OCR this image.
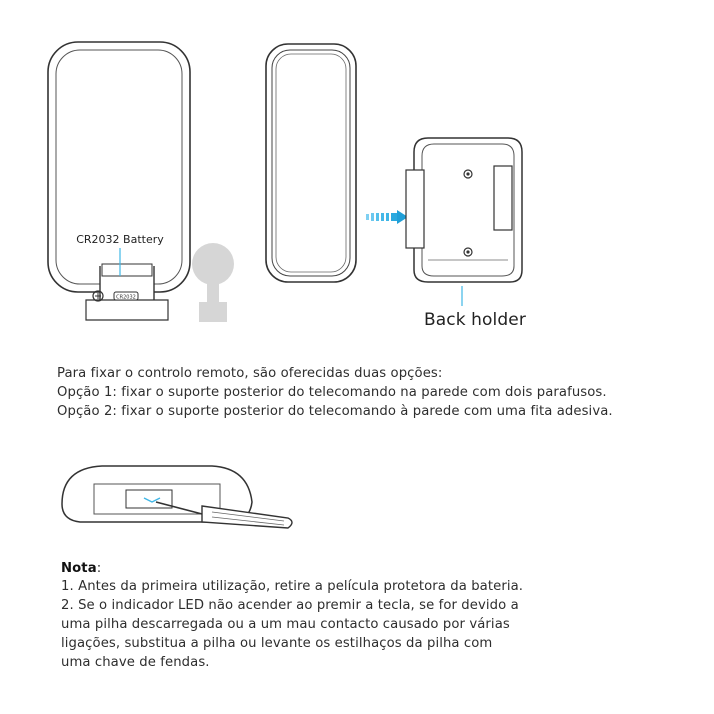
CR2032
CR2032 Battery
Back holder
Para fixar o controlo remoto, são oferecidas duas opções:
Opção 1: fixar o suporte posterior do telecomando na parede com dois parafusos.
Opção 2: fixar o suporte posterior do telecomando à parede com uma fita adesiva.
Nota:
1. Antes da primeira utilização, retire a película protetora da bateria.
2. Se o indicador LED não acender ao premir a tecla, se for devido a
uma pilha descarregada ou a um mau contacto causado por várias
ligações, substitua a pilha ou levante os estilhaços da pilha com
uma chave de fendas.
